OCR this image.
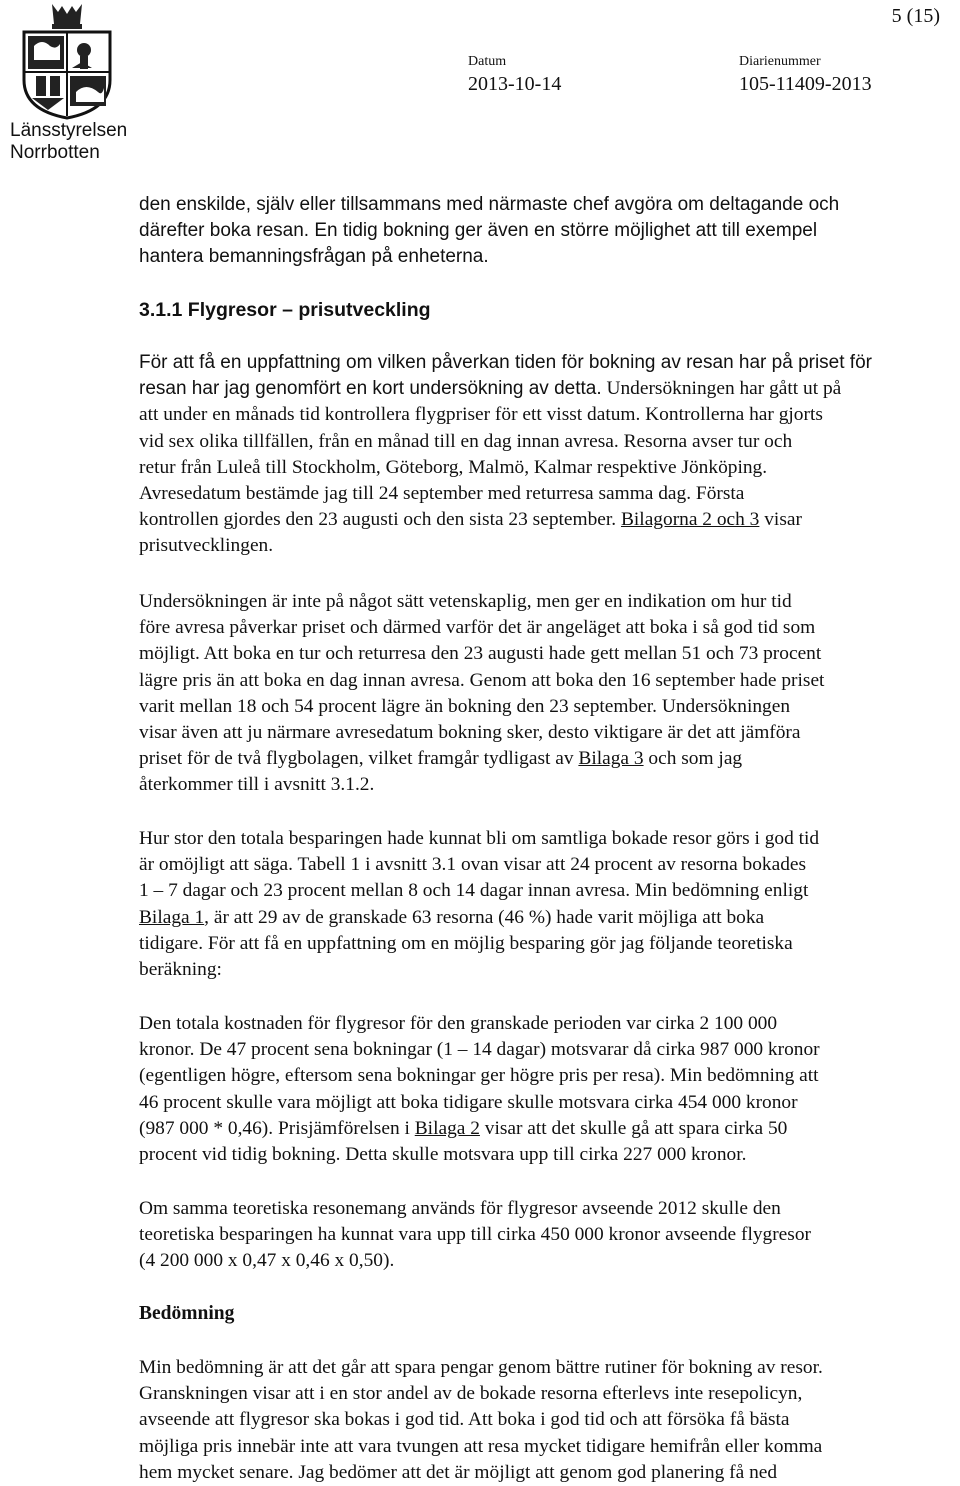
Länsstyrelsen
Norrbotten
5 (15)
Datum
2013-10-14
Diarienummer
105-11409-2013

den enskilde, själv eller tillsammans med närmaste chef avgöra om deltagande och

därefter boka resan. En tidig bokning ger även en större möjlighet att till exempel

hantera bemanningsfrågan på enheterna.

3.1.1 Flygresor – prisutveckling

För att få en uppfattning om vilken påverkan tiden för bokning av resan har på priset för

resan har jag genomfört en kort undersökning av detta. Undersökningen har gått ut på

att under en månads tid kontrollera flygpriser för ett visst datum. Kontrollerna har gjorts

vid sex olika tillfällen, från en månad till en dag innan avresa. Resorna avser tur och

retur från Luleå till Stockholm, Göteborg, Malmö, Kalmar respektive Jönköping.

Avresedatum bestämde jag till 24 september med returresa samma dag. Första

kontrollen gjordes den 23 augusti och den sista 23 september. Bilagorna 2 och 3 visar

prisutvecklingen.

Undersökningen är inte på något sätt vetenskaplig, men ger en indikation om hur tid

före avresa påverkar priset och därmed varför det är angeläget att boka i så god tid som

möjligt. Att boka en tur och returresa den 23 augusti hade gett mellan 51 och 73 procent

lägre pris än att boka en dag innan avresa. Genom att boka den 16 september hade priset

varit mellan 18 och 54 procent lägre än bokning den 23 september. Undersökningen

visar även att ju närmare avresedatum bokning sker, desto viktigare är det att jämföra

priset för de två flygbolagen, vilket framgår tydligast av Bilaga 3 och som jag

återkommer till i avsnitt 3.1.2.

Hur stor den totala besparingen hade kunnat bli om samtliga bokade resor görs i god tid

är omöjligt att säga. Tabell 1 i avsnitt 3.1 ovan visar att 24 procent av resorna bokades

1 – 7 dagar och 23 procent mellan 8 och 14 dagar innan avresa. Min bedömning enligt

Bilaga 1, är att 29 av de granskade 63 resorna (46 %) hade varit möjliga att boka

tidigare. För att få en uppfattning om en möjlig besparing gör jag följande teoretiska

beräkning:

Den totala kostnaden för flygresor för den granskade perioden var cirka 2 100 000

kronor. De 47 procent sena bokningar (1 – 14 dagar) motsvarar då cirka 987 000 kronor

(egentligen högre, eftersom sena bokningar ger högre pris per resa). Min bedömning att

46 procent skulle vara möjligt att boka tidigare skulle motsvara cirka 454 000 kronor

(987 000 * 0,46). Prisjämförelsen i Bilaga 2 visar att det skulle gå att spara cirka 50

procent vid tidig bokning. Detta skulle motsvara upp till cirka 227 000 kronor.

Om samma teoretiska resonemang används för flygresor avseende 2012 skulle den

teoretiska besparingen ha kunnat vara upp till cirka 450 000 kronor avseende flygresor

(4 200 000 x 0,47 x 0,46 x 0,50).

Bedömning

Min bedömning är att det går att spara pengar genom bättre rutiner för bokning av resor.

Granskningen visar att i en stor andel av de bokade resorna efterlevs inte resepolicyn,

avseende att flygresor ska bokas i god tid. Att boka i god tid och att försöka få bästa

möjliga pris innebär inte att vara tvungen att resa mycket tidigare hemifrån eller komma

hem mycket senare. Jag bedömer att det är möjligt att genom god planering få ned
